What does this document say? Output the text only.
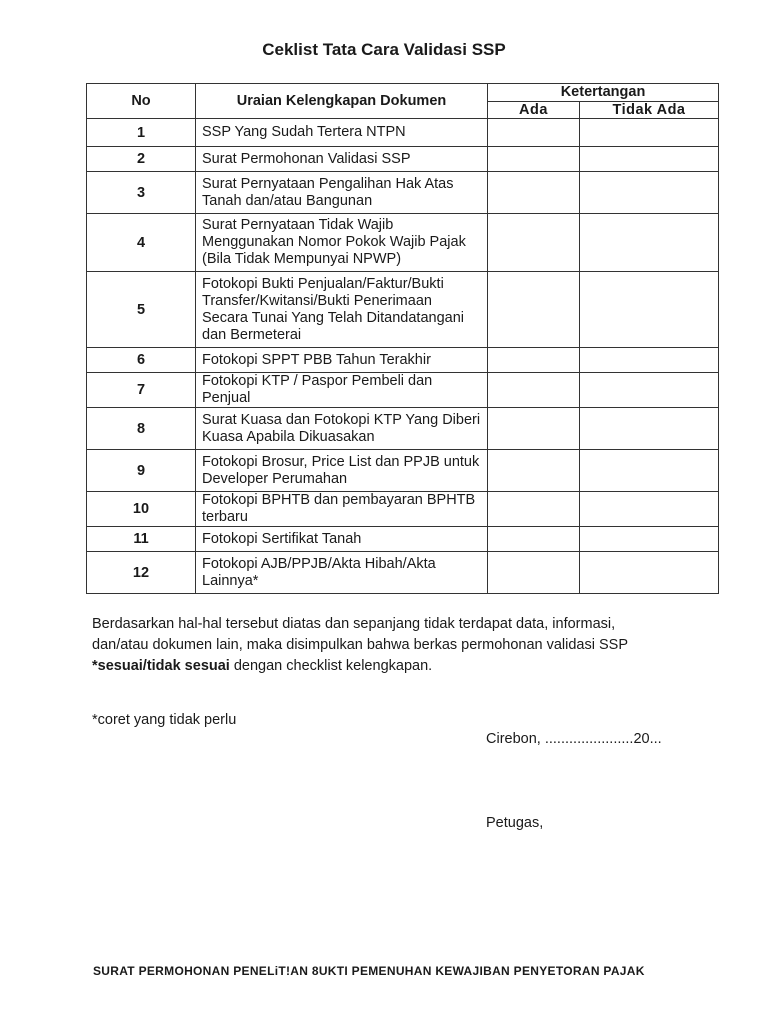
Ceklist Tata Cara Validasi SSP
No	Uraian Kelengkapan Dokumen	Ketertangan	
		Ada	Tidak Ada
1	SSP Yang Sudah Tertera NTPN		
2	Surat Permohonan Validasi SSP		
3	Surat Pernyataan Pengalihan Hak Atas Tanah dan/atau Bangunan		
4	Surat Pernyataan Tidak Wajib Menggunakan Nomor Pokok Wajib Pajak (Bila Tidak Mempunyai NPWP)		
5	Fotokopi Bukti Penjualan/Faktur/Bukti Transfer/Kwitansi/Bukti Penerimaan Secara Tunai Yang Telah Ditandatangani dan Bermeterai		
6	Fotokopi SPPT PBB Tahun Terakhir		
7	Fotokopi KTP / Paspor Pembeli dan Penjual		
8	Surat Kuasa dan Fotokopi KTP Yang Diberi Kuasa Apabila Dikuasakan		
9	Fotokopi Brosur, Price List dan PPJB untuk Developer Perumahan		
10	Fotokopi BPHTB dan pembayaran BPHTB terbaru		
11	Fotokopi Sertifikat Tanah		
12	Fotokopi AJB/PPJB/Akta Hibah/Akta Lainnya*		
Berdasarkan hal-hal tersebut diatas dan sepanjang tidak terdapat data, informasi,
dan/atau dokumen lain, maka disimpulkan bahwa berkas permohonan validasi SSP
*sesuai/tidak sesuai dengan checklist kelengkapan.
*coret yang tidak perlu
Cirebon, ......................20...
Petugas,
SURAT PERMOHONAN PENELiT!AN 8UKTI PEMENUHAN KEWAJIBAN PENYETORAN PAJAK
